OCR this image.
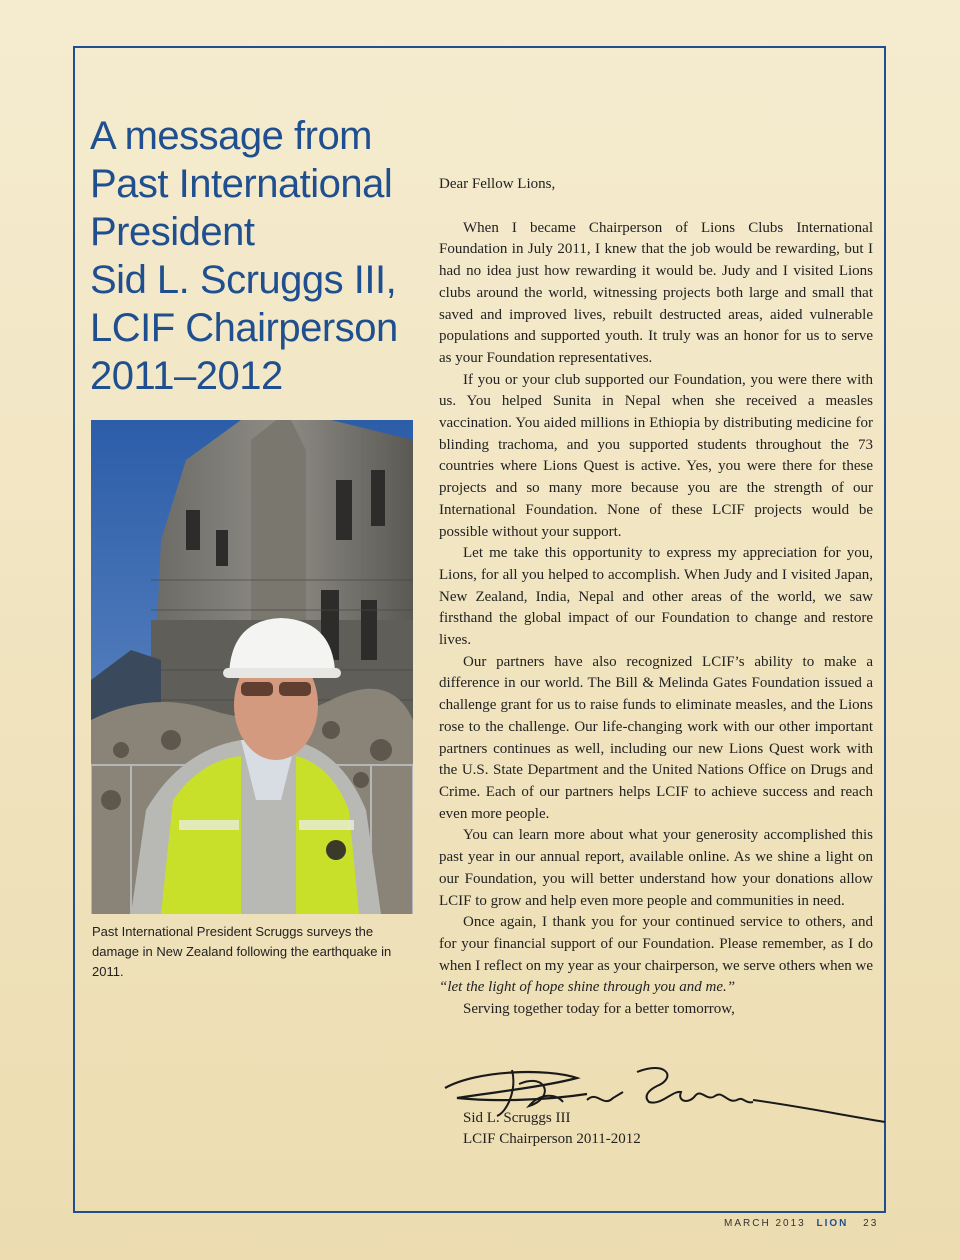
A message from
Past International
President
Sid L. Scruggs III,
LCIF Chairperson
2011–2012
Past International President Scruggs surveys the damage in New Zealand following the earthquake in 2011.
Dear Fellow Lions,

When I became Chairperson of Lions Clubs International Foundation in July 2011, I knew that the job would be rewarding, but I had no idea just how rewarding it would be. Judy and I visited Lions clubs around the world, witnessing projects both large and small that saved and improved lives, rebuilt destructed areas, aided vulnerable populations and supported youth. It truly was an honor for us to serve as your Foundation representatives.

If you or your club supported our Foundation, you were there with us. You helped Sunita in Nepal when she received a measles vaccination. You aided millions in Ethiopia by distributing medicine for blinding trachoma, and you supported students throughout the 73 countries where Lions Quest is active. Yes, you were there for these projects and so many more because you are the strength of our International Foundation. None of these LCIF projects would be possible without your support.

Let me take this opportunity to express my appreciation for you, Lions, for all you helped to accomplish. When Judy and I visited Japan, New Zealand, India, Nepal and other areas of the world, we saw firsthand the global impact of our Foundation to change and restore lives.

Our partners have also recognized LCIF’s ability to make a difference in our world. The Bill & Melinda Gates Foundation issued a challenge grant for us to raise funds to eliminate measles, and the Lions rose to the challenge. Our life-changing work with our other important partners continues as well, including our new Lions Quest work with the U.S. State Department and the United Nations Office on Drugs and Crime. Each of our partners helps LCIF to achieve success and reach even more people.

You can learn more about what your generosity accomplished this past year in our annual report, available online. As we shine a light on our Foundation, you will better understand how your donations allow LCIF to grow and help even more people and communities in need.

Once again, I thank you for your continued service to others, and for your financial support of our Foundation. Please remember, as I do when I reflect on my year as your chairperson, we serve others when we “let the light of hope shine through you and me.”

Serving together today for a better tomorrow,
Sid L. Scruggs III
LCIF Chairperson 2011-2012
MARCH 2013 LION 23
